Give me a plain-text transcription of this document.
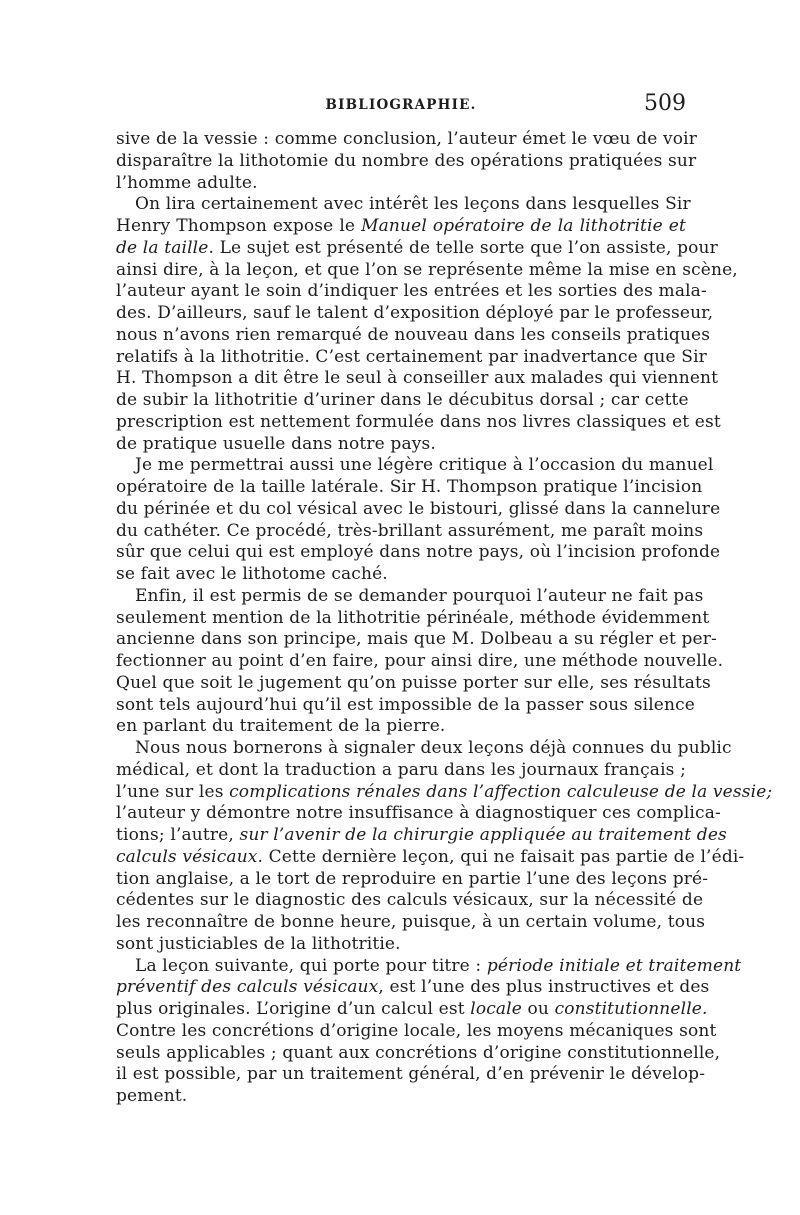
BIBLIOGRAPHIE.	509
sive de la vessie : comme conclusion, l’auteur émet le vœu de voir
disparaître la lithotomie du nombre des opérations pratiquées sur
l’homme adulte.
On lira certainement avec intérêt les leçons dans lesquelles Sir
Henry Thompson expose le Manuel opératoire de la lithotritie et
de la taille. Le sujet est présenté de telle sorte que l’on assiste, pour
ainsi dire, à la leçon, et que l’on se représente même la mise en scène,
l’auteur ayant le soin d’indiquer les entrées et les sorties des mala-
des. D’ailleurs, sauf le talent d’exposition déployé par le professeur,
nous n’avons rien remarqué de nouveau dans les conseils pratiques
relatifs à la lithotritie. C’est certainement par inadvertance que Sir
H. Thompson a dit être le seul à conseiller aux malades qui viennent
de subir la lithotritie d’uriner dans le décubitus dorsal ; car cette
prescription est nettement formulée dans nos livres classiques et est
de pratique usuelle dans notre pays.
Je me permettrai aussi une légère critique à l’occasion du manuel
opératoire de la taille latérale. Sir H. Thompson pratique l’incision
du périnée et du col vésical avec le bistouri, glissé dans la cannelure
du cathéter. Ce procédé, très-brillant assurément, me paraît moins
sûr que celui qui est employé dans notre pays, où l’incision profonde
se fait avec le lithotome caché.
Enfin, il est permis de se demander pourquoi l’auteur ne fait pas
seulement mention de la lithotritie périnéale, méthode évidemment
ancienne dans son principe, mais que M. Dolbeau a su régler et per-
fectionner au point d’en faire, pour ainsi dire, une méthode nouvelle.
Quel que soit le jugement qu’on puisse porter sur elle, ses résultats
sont tels aujourd’hui qu’il est impossible de la passer sous silence
en parlant du traitement de la pierre.
Nous nous bornerons à signaler deux leçons déjà connues du public
médical, et dont la traduction a paru dans les journaux français ;
l’une sur les complications rénales dans l’affection calculeuse de la vessie;
l’auteur y démontre notre insuffisance à diagnostiquer ces complica-
tions; l’autre, sur l’avenir de la chirurgie appliquée au traitement des
calculs vésicaux. Cette dernière leçon, qui ne faisait pas partie de l’édi-
tion anglaise, a le tort de reproduire en partie l’une des leçons pré-
cédentes sur le diagnostic des calculs vésicaux, sur la nécessité de
les reconnaître de bonne heure, puisque, à un certain volume, tous
sont justiciables de la lithotritie.
La leçon suivante, qui porte pour titre : période initiale et traitement
préventif des calculs vésicaux, est l’une des plus instructives et des
plus originales. L’origine d’un calcul est locale ou constitutionnelle.
Contre les concrétions d’origine locale, les moyens mécaniques sont
seuls applicables ; quant aux concrétions d’origine constitutionnelle,
il est possible, par un traitement général, d’en prévenir le dévelop-
pement.
